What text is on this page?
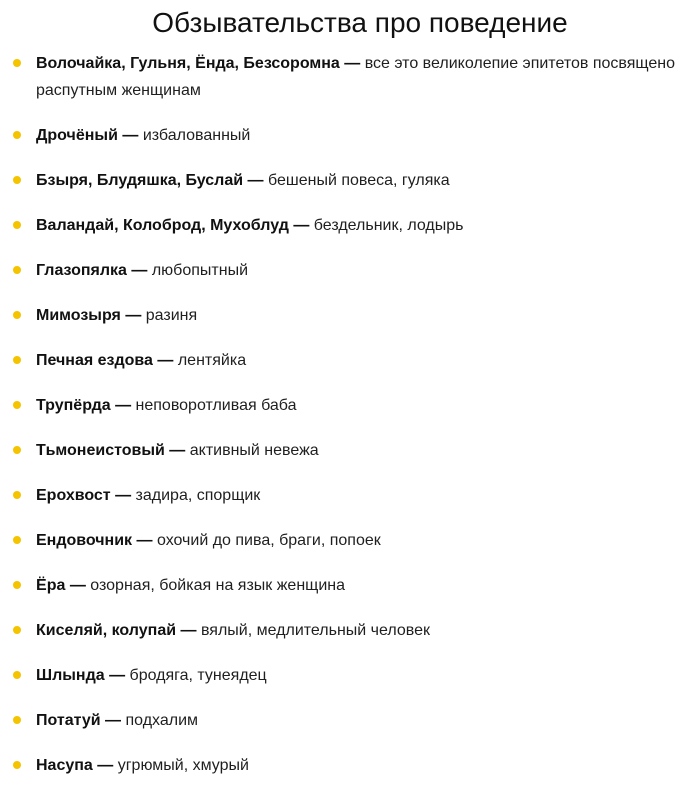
Обзывательства про поведение
Волочайка, Гульня, Ёнда, Безсоромна — все это великолепие эпитетов посвящено распутным женщинам
Дрочёный — избалованный
Бзыря, Блудяшка, Буслай — бешеный повеса, гуляка
Валандай, Колоброд, Мухоблуд — бездельник, лодырь
Глазопялка — любопытный
Мимозыря — разиня
Печная ездова — лентяйка
Трупёрда — неповоротливая баба
Тьмонеистовый — активный невежа
Ерохвост — задира, спорщик
Ендовочник — охочий до пива, браги, попоек
Ёра — озорная, бойкая на язык женщина
Киселяй, колупай — вялый, медлительный человек
Шлында — бродяга, тунеядец
Потатуй — подхалим
Насупа — угрюмый, хмурый
